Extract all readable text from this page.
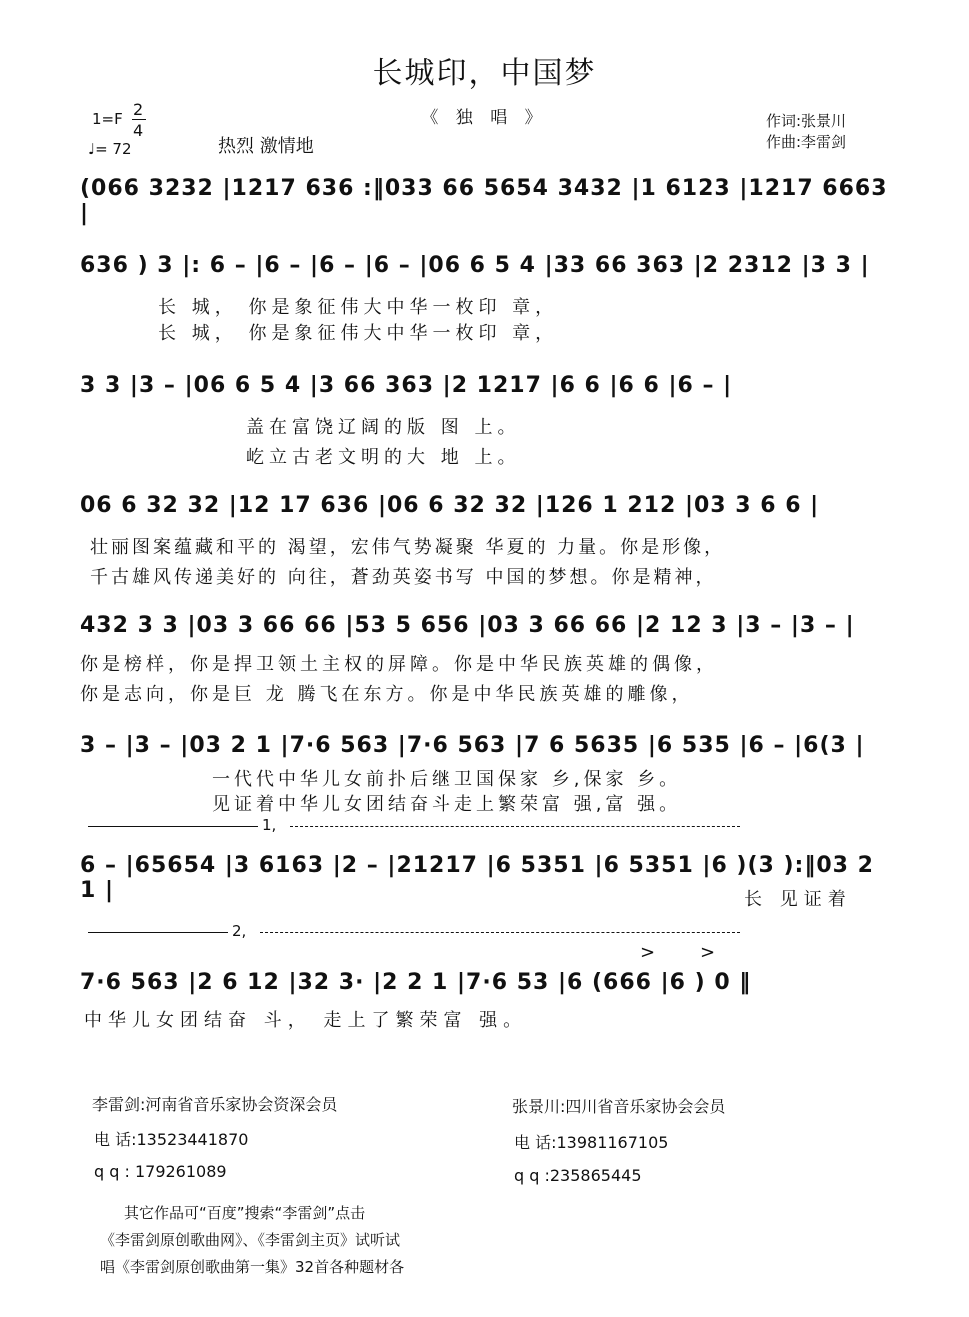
长城印，中国梦
《 独 唱 》
1=F 2
4
♩= 72	热烈 激情地
作词:张景川
作曲:李雷剑
(066 3232 |1217 636 :‖033 66 5654 3432 |1 6123 |1217 6663 |
636 ) 3 |: 6 – |6 – |6 – |6 – |06 6 5 4 |33 66 363 |2 2312 |3 3 |
长 城， 你是象征伟大中华一枚印 章，
长 城， 你是象征伟大中华一枚印 章，
3 3 |3 – |06 6 5 4 |3 66 363 |2 1217 |6 6 |6 6 |6 – |
盖在富饶辽阔的版 图 上。
屹立古老文明的大 地 上。
06 6 32 32 |12 17 636 |06 6 32 32 |126 1 212 |03 3 6 6 |
壮丽图案蕴藏和平的 渴望，宏伟气势凝聚 华夏的 力量。你是形像，
千古雄风传递美好的 向往，蒼劲英姿书写 中国的梦想。你是精神，
432 3 3 |03 3 66 66 |53 5 656 |03 3 66 66 |2 12 3 |3 – |3 – |
你是榜样，你是捍卫领土主权的屏障。你是中华民族英雄的偶像，
你是志向，你是巨 龙 腾飞在东方。你是中华民族英雄的雕像，
3 – |3 – |03 2 1 |7·6 563 |7·6 563 |7 6 5635 |6 535 |6 – |6(3 |
一代代中华儿女前扑后继卫国保家 乡,保家 乡。
见证着中华儿女团结奋斗走上繁荣富 强,富 强。
1,
6 – |65654 |3 6163 |2 – |21217 |6 5351 |6 5351 |6 )(3 ):‖03 2 1 |	长 见证着
2,
> >
7·6 563 |2 6 12 |32 3· |2 2 1 |7·6 53 |6 (666 |6 ) 0 ‖
中华儿女团结奋 斗， 走上了繁荣富 强。
李雷剑:河南省音乐家协会资深会员
电 话:13523441870
q q : 179261089
张景川:四川省音乐家协会会员
电 话:13981167105
q q :235865445
其它作品可“百度”搜索“李雷剑”点击
《李雷剑原创歌曲网》、《李雷剑主页》试听试
唱《李雷剑原创歌曲第一集》32首各种题材各
